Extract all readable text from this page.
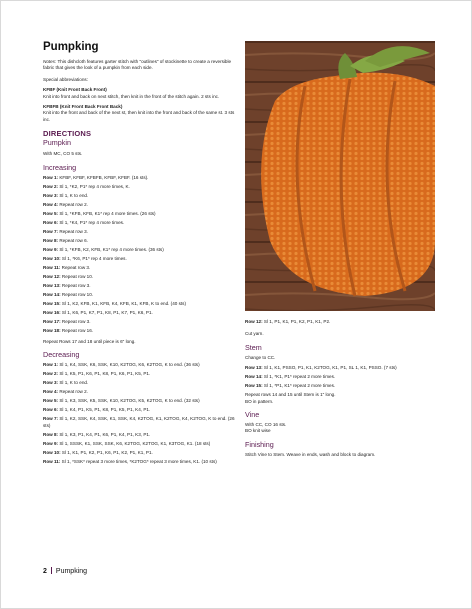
Pumpking

Notes: This dishcloth features garter stitch with "outlines" of stockinette to create a reversible fabric that gives the look of a pumpkin from each side.

Special abbreviations:

KFBF (Knit Front Back Front)

Knit into front and back on next stitch, then knit in the front of the stitch again. 2 sts inc.

KFBFB (Knit Front Back Front Back)

Knit into the front and back of the next st, then knit into the front and back of the same st. 3 sts inc.

DIRECTIONS
Pumpkin

With MC, CO 5 sts.

Increasing
Row 1: KFBF, KFBF, KFBFB, KFBF, KFBF. (16 sts).
Row 2: Sl 1, *K2, P1* rep 4 more times, K.
Row 3: Sl 1, K to end.
Row 4: Repeat row 2.
Row 5: Sl 1, *KFB, KFB, K1* rep 4 more times. (26 sts)
Row 6: Sl 1, *K4, P1* rep 4 more times.
Row 7: Repeat row 3.
Row 8: Repeat row 6.
Row 9: Sl 1, *KFB, K2, KFB, K1* rep 4 more times. (36 sts)
Row 10: Sl 1, *K6, P1* rep 4 more times.
Row 11: Repeat row 3.
Row 12: Repeat row 10.
Row 13: Repeat row 3.
Row 14: Repeat row 10.
Row 15: Sl 1, K2, KFB, K1, KFB, K4, KFB, K1, KFB, K to end. (40 sts)
Row 16: Sl 1, K6, P1, K7, P1, K8, P1, K7, P1, K6, P1.
Row 17: Repeat row 3.
Row 18: Repeat row 16.

Repeat Rows 17 and 18 until piece is 6" long.

Decreasing
Row 1: Sl 1, K4, SSK, K6, SSK, K10, K2TOG, K6, K2TOG, K to end. (36 sts)
Row 2: Sl 1, K5, P1, K6, P1, K8, P1, K6, P1, K5, P1.
Row 3: Sl 1, K to end.
Row 4: Repeat row 2.
Row 5: Sl 1, K3, SSK, K5, SSK, K10, K2TOG, K5, K2TOG, K to end. (32 sts)
Row 6: Sl 1, K4, P1, K5, P1, K8, P1, K5, P1, K4, P1.
Row 7: Sl 1, K2, SSK, K4, SSK, K1, SSK, K4, K2TOG, K1, K2TOG, K4, K2TOG, K to end. (26 sts)
Row 8: Sl 1, K3, P1, K4, P1, K6, P1, K4, P1, K3, P1.
Row 9: Sl 1, SSSK, K1, SSK, SSK, K6, K2TOG, K2TOG, K1, K3TOG, K1. (18 sts)
Row 10: Sl 1, K1, P1, K2, P1, K6, P1, K2, P1, K1, P1.
Row 11: Sl 1, *SSK* repeat 3 more times, *K2TOG* repeat 3 more times, K1. (10 sts)

Row 12: Sl 1, P1, K1, P1, K2, P1, K1, P2.

Cut yarn.

Stem

Change to CC.

Row 13: Sl 1, K1, PSSO, P1, K1, K2TOG, K1, P1, SL 1, K1, PSSO. (7 sts)
Row 14: Sl 1, *K1, P1* repeat 2 more times.
Row 15: Sl 1, *P1, K1* repeat 2 more times.

Repeat rows 14 and 15 until Stem is 1" long.

BO in pattern.

Vine

With CC, CO 16 sts.

BO knit wise

Finishing

Stitch Vine to Stem. Weave in ends, wash and block to diagram.

2 Pumpking
